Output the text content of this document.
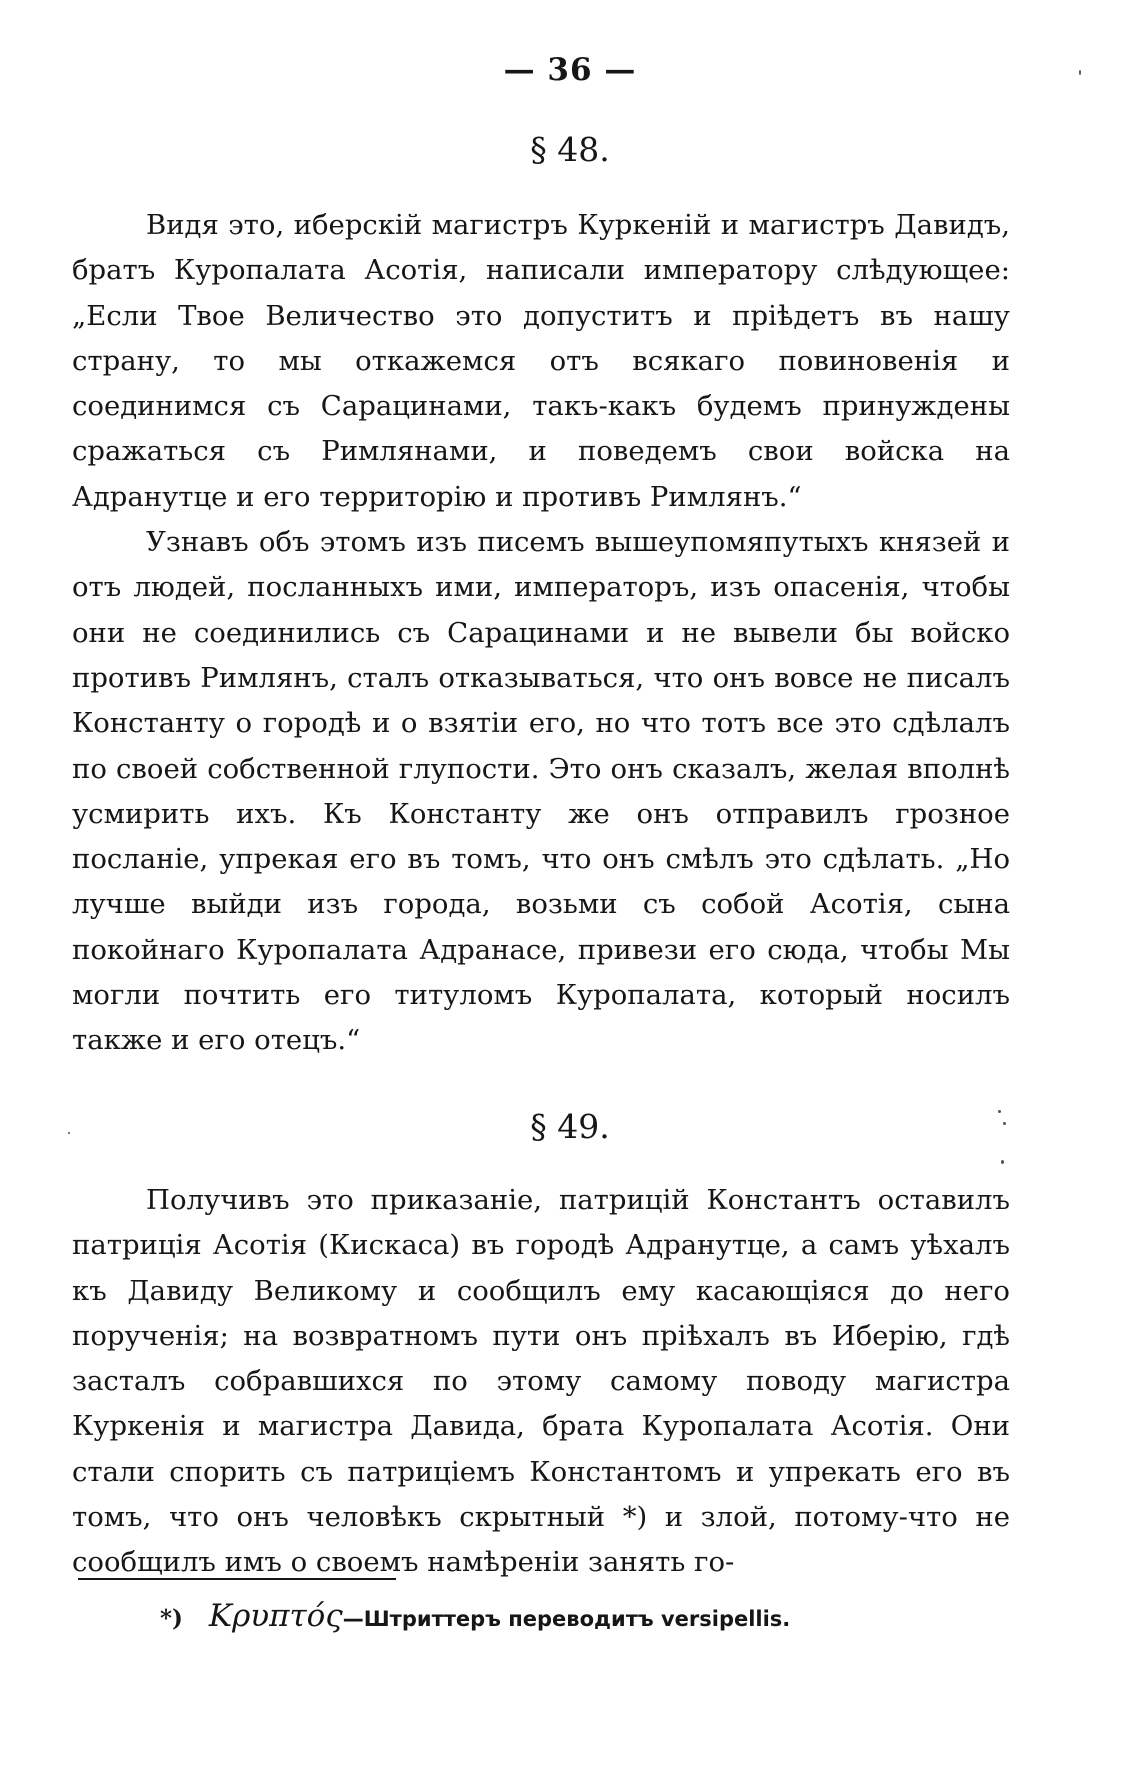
— 36 —
§ 48.

Видя это, иберскій магистръ Куркеній и магистръ Давидъ, братъ Куропалата Асотія, написали императору слѣдующее: „Если Твое Величество это допуститъ и пріѣдетъ въ нашу страну, то мы откажемся отъ всякаго повиновенія и соединимся съ Сарацинами, такъ-какъ будемъ принуждены сражаться съ Римлянами, и поведемъ свои войска на Адранутце и его территорію и противъ Римлянъ.“

Узнавъ объ этомъ изъ писемъ вышеупомяпутыхъ князей и отъ людей, посланныхъ ими, императоръ, изъ опасенія, чтобы они не соединились съ Сарацинами и не вывели бы войско противъ Римлянъ, сталъ отказываться, что онъ вовсе не писалъ Константу о городѣ и о взятіи его, но что тотъ все это сдѣлалъ по своей собственной глупости. Это онъ сказалъ, желая вполнѣ усмирить ихъ. Къ Константу же онъ отправилъ грозное посланіе, упрекая его въ томъ, что онъ смѣлъ это сдѣлать. „Но лучше выйди изъ города, возьми съ собой Асотія, сына покойнаго Куропалата Адранасе, привези его сюда, чтобы Мы могли почтить его титуломъ Куропалата, который носилъ также и его отецъ.“

§ 49.

Получивъ это приказаніе, патрицій Константъ оставилъ патриція Асотія (Кискаса) въ городѣ Адранутце, а самъ уѣхалъ къ Давиду Великому и сообщилъ ему касающіяся до него порученія; на возвратномъ пути онъ пріѣхалъ въ Иберію, гдѣ засталъ собравшихся по этому самому поводу магистра Куркенія и магистра Давида, брата Куропалата Асотія. Они стали спорить съ патриціемъ Константомъ и упрекать его въ томъ, что онъ человѣкъ скрытный *) и злой, потому-что не сообщилъ имъ о своемъ намѣреніи занять го-

*) Κρυπτός—Штриттеръ переводитъ versipellis.
